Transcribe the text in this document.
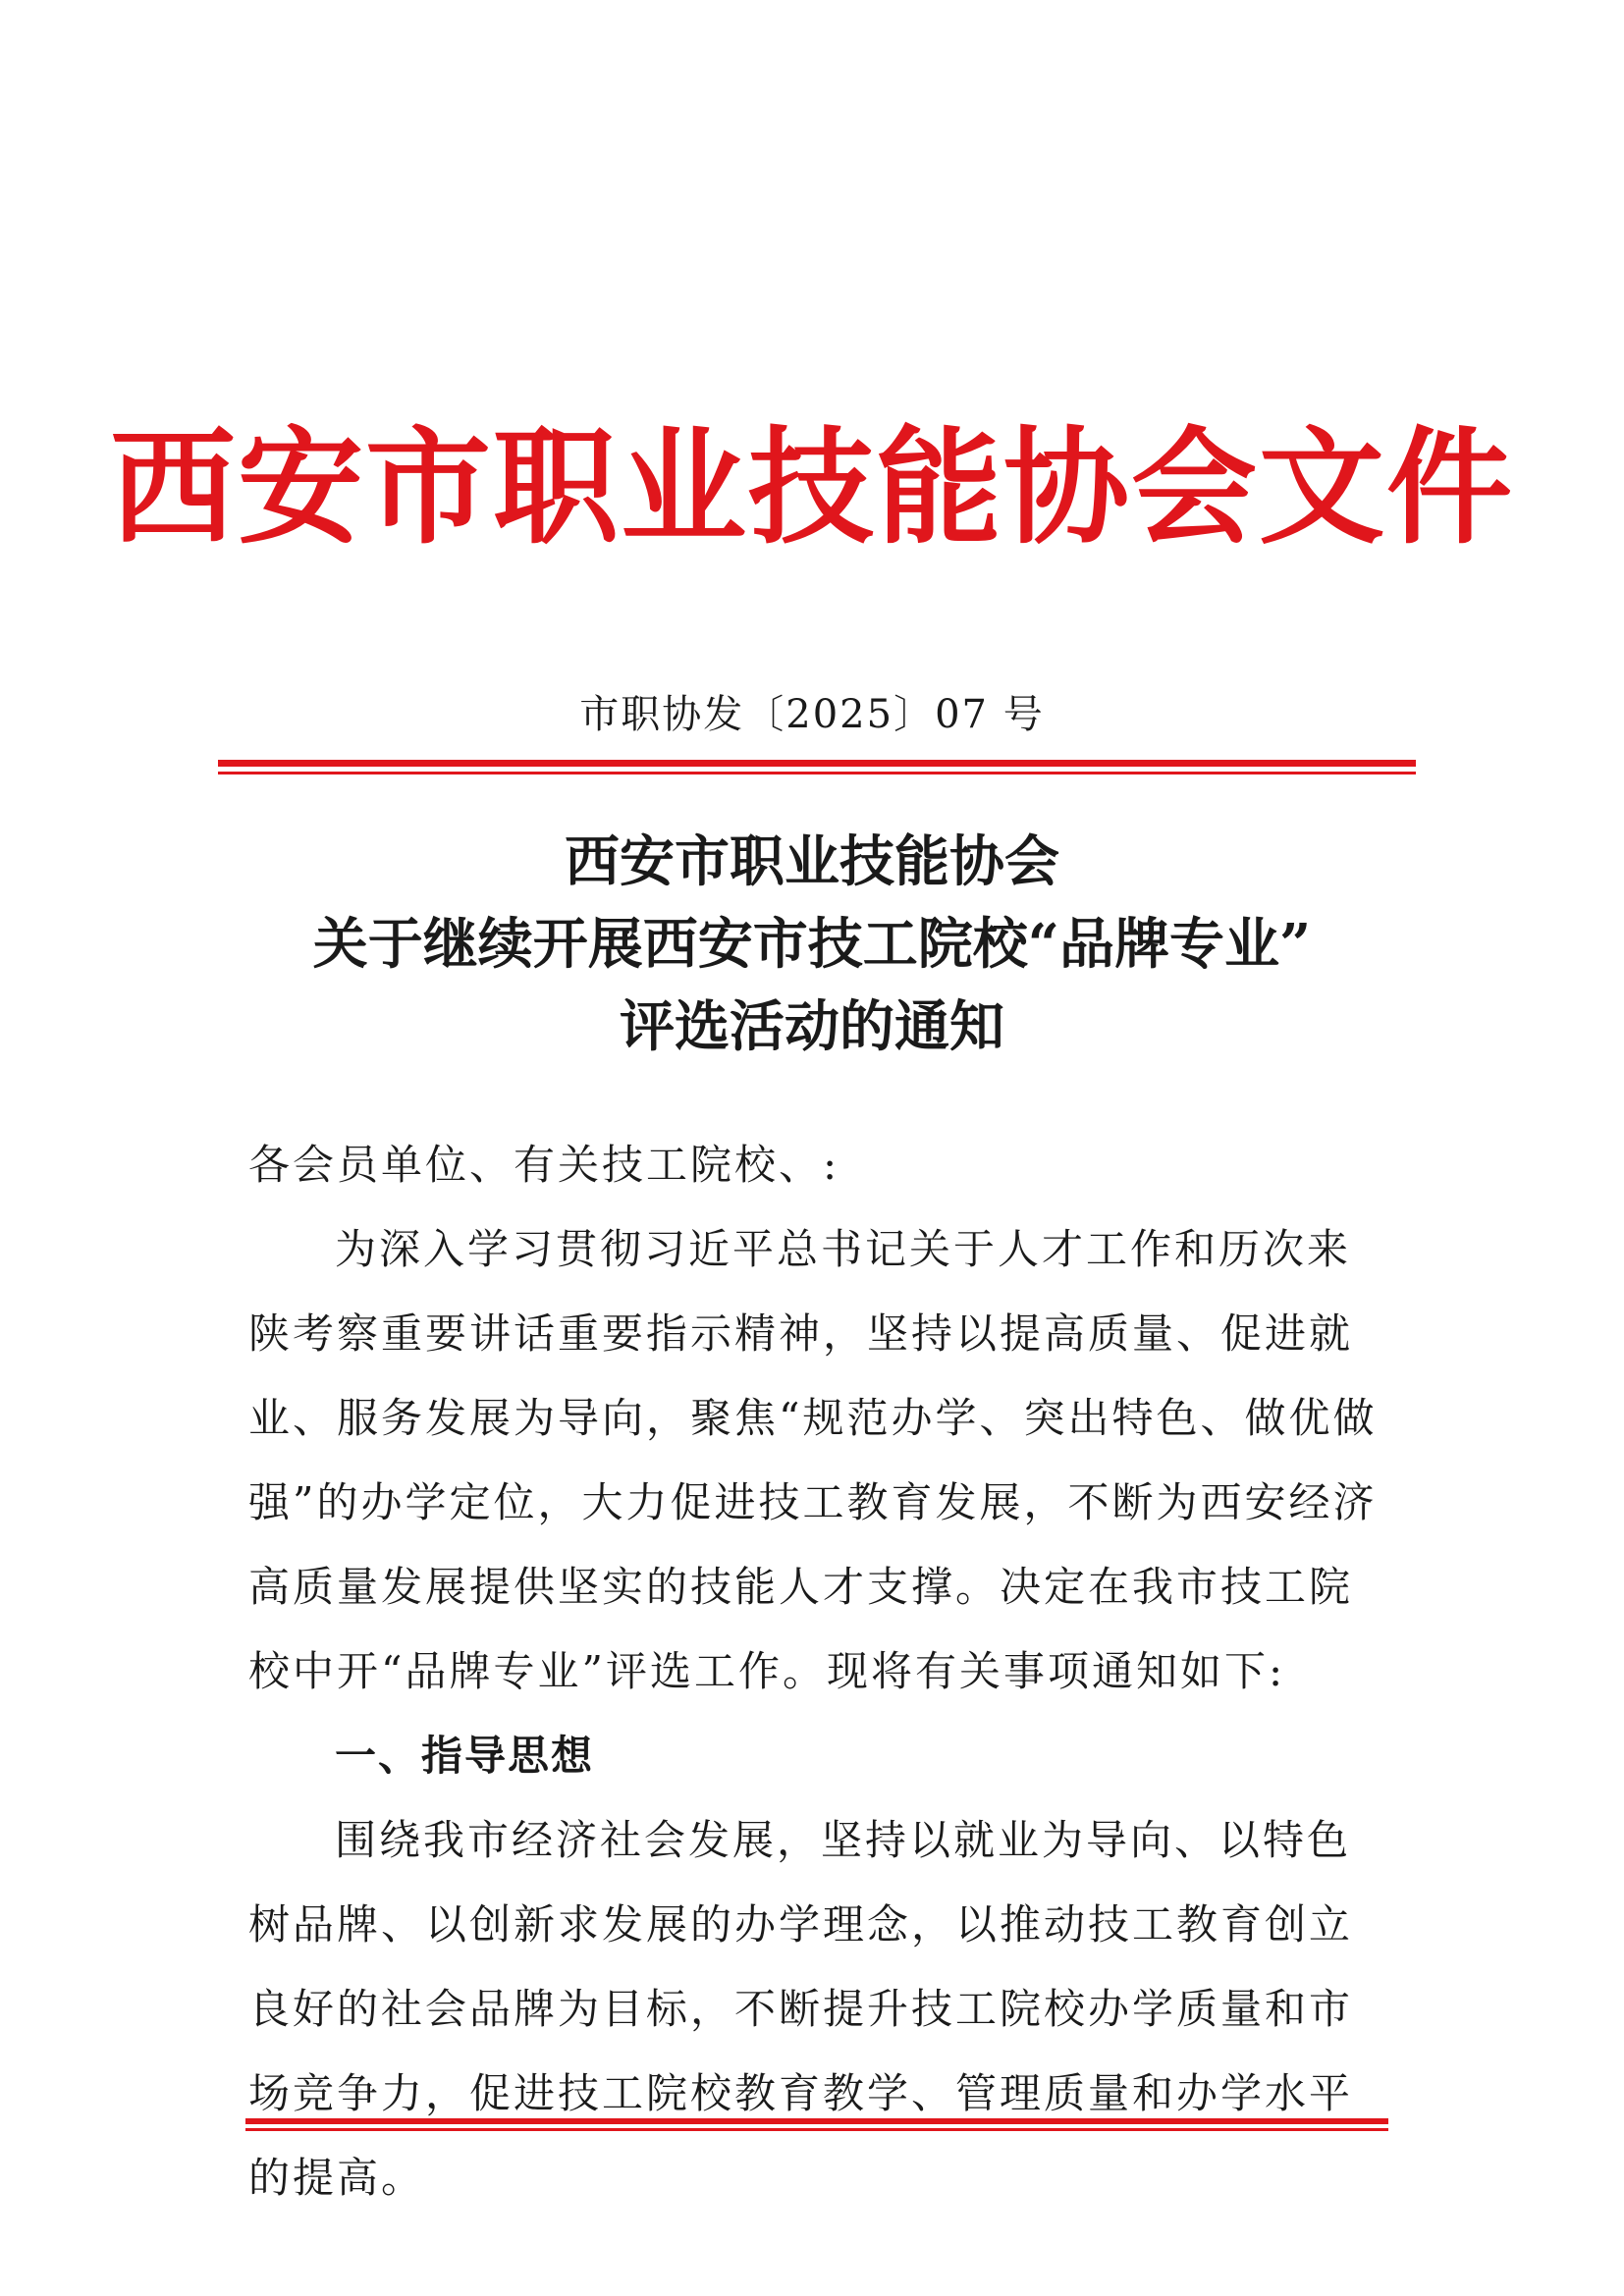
西安市职业技能协会文件
市职协发〔2025〕07 号
西安市职业技能协会
关于继续开展西安市技工院校“品牌专业”
评选活动的通知
各会员单位、有关技工院校、:

为深入学习贯彻习近平总书记关于人才工作和历次来陕考察重要讲话重要指示精神，坚持以提高质量、促进就业、服务发展为导向，聚焦“规范办学、突出特色、做优做强”的办学定位，大力促进技工教育发展，不断为西安经济高质量发展提供坚实的技能人才支撑。决定在我市技工院校中开“品牌专业”评选工作。现将有关事项通知如下:

一、指导思想

围绕我市经济社会发展，坚持以就业为导向、以特色树品牌、以创新求发展的办学理念，以推动技工教育创立良好的社会品牌为目标，不断提升技工院校办学质量和市场竞争力，促进技工院校教育教学、管理质量和办学水平的提高。
